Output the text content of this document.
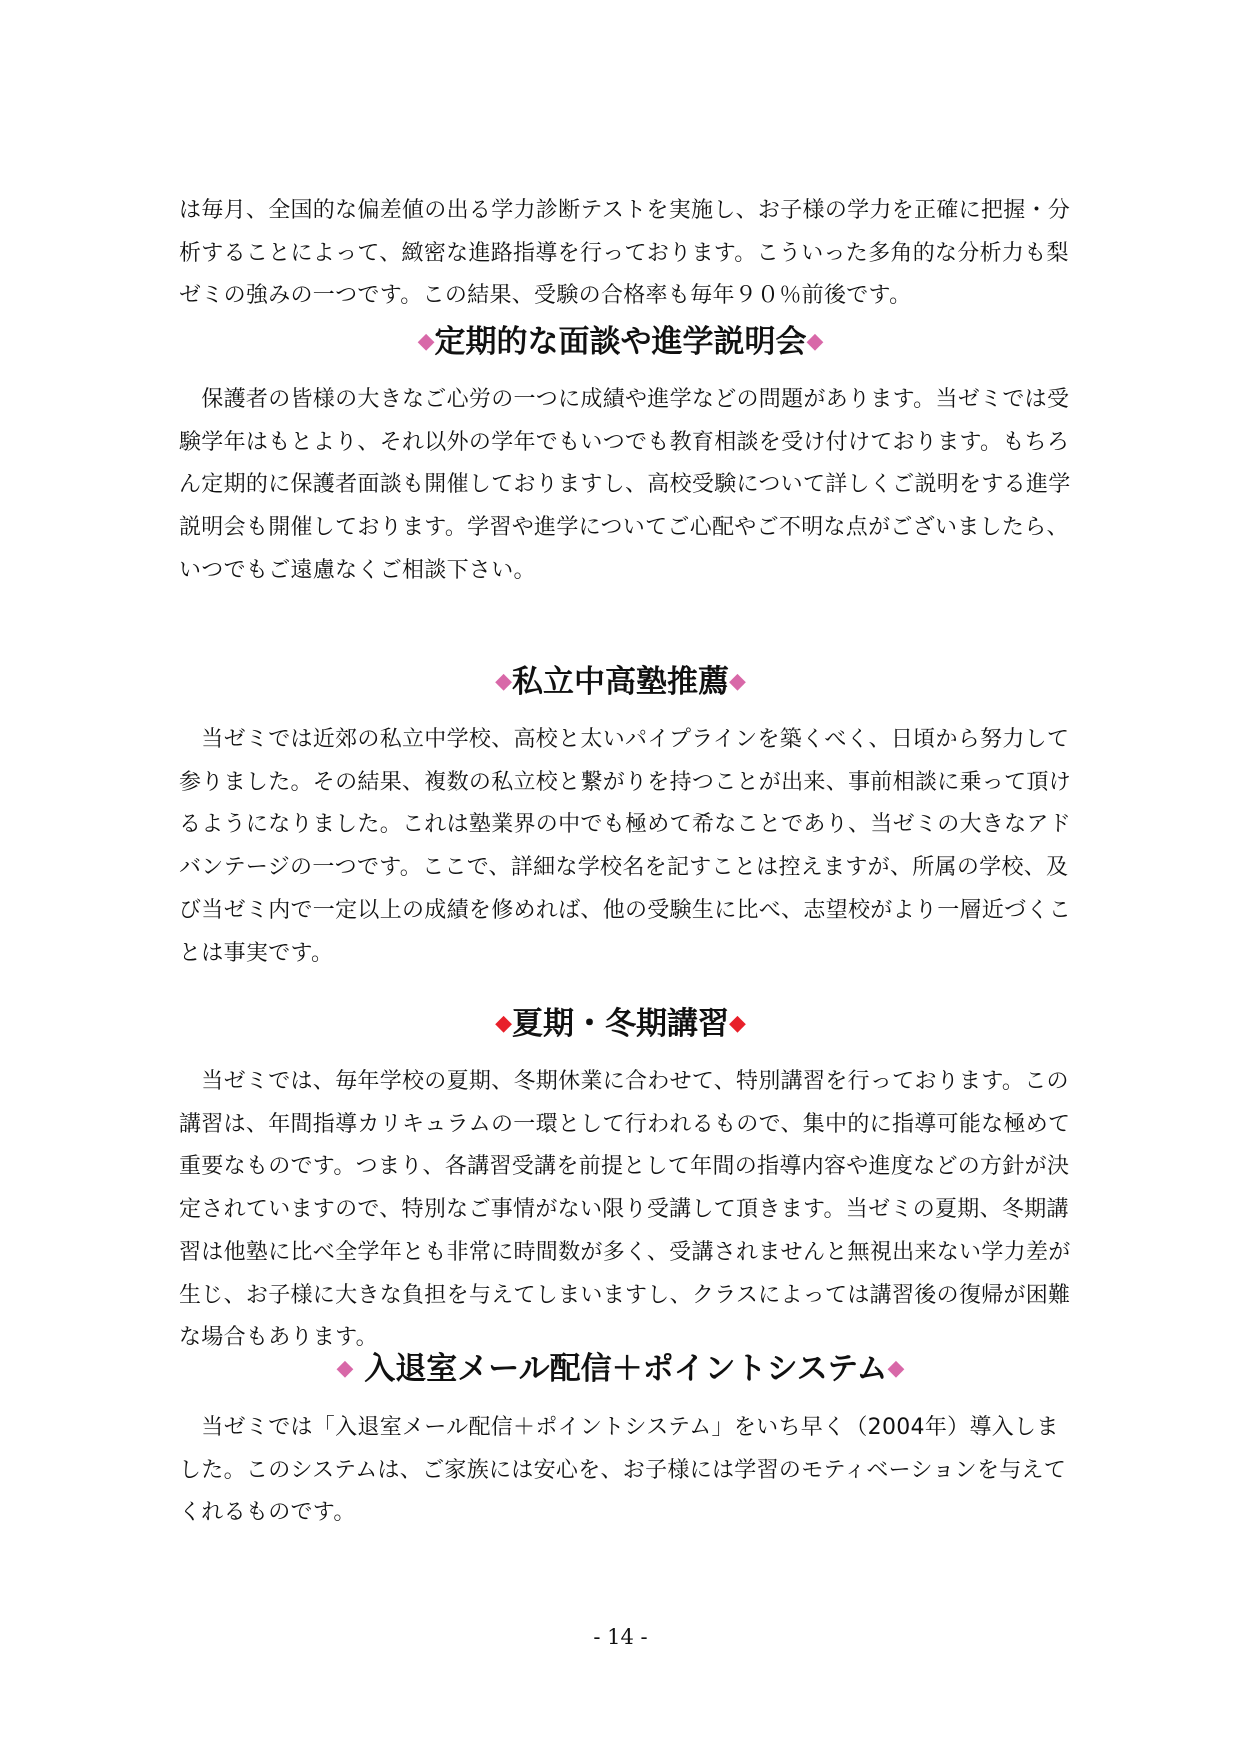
は毎月、全国的な偏差値の出る学力診断テストを実施し、お子様の学力を正確に把握・分析することによって、緻密な進路指導を行っております。こういった多角的な分析力も梨ゼミの強みの一つです。この結果、受験の合格率も毎年９０％前後です。

◆定期的な面談や進学説明会◆

　保護者の皆様の大きなご心労の一つに成績や進学などの問題があります。当ゼミでは受験学年はもとより、それ以外の学年でもいつでも教育相談を受け付けております。もちろん定期的に保護者面談も開催しておりますし、高校受験について詳しくご説明をする進学説明会も開催しております。学習や進学についてご心配やご不明な点がございましたら、いつでもご遠慮なくご相談下さい。

◆私立中高塾推薦◆

　当ゼミでは近郊の私立中学校、高校と太いパイプラインを築くべく、日頃から努力して参りました。その結果、複数の私立校と繋がりを持つことが出来、事前相談に乗って頂けるようになりました。これは塾業界の中でも極めて希なことであり、当ゼミの大きなアドバンテージの一つです。ここで、詳細な学校名を記すことは控えますが、所属の学校、及び当ゼミ内で一定以上の成績を修めれば、他の受験生に比べ、志望校がより一層近づくことは事実です。

◆夏期・冬期講習◆

　当ゼミでは、毎年学校の夏期、冬期休業に合わせて、特別講習を行っております。この講習は、年間指導カリキュラムの一環として行われるもので、集中的に指導可能な極めて重要なものです。つまり、各講習受講を前提として年間の指導内容や進度などの方針が決定されていますので、特別なご事情がない限り受講して頂きます。当ゼミの夏期、冬期講習は他塾に比べ全学年とも非常に時間数が多く、受講されませんと無視出来ない学力差が生じ、お子様に大きな負担を与えてしまいますし、クラスによっては講習後の復帰が困難な場合もあります。

◆ 入退室メール配信＋ポイントシステム◆

　当ゼミでは「入退室メール配信＋ポイントシステム」をいち早く（2004年）導入しました。このシステムは、ご家族には安心を、お子様には学習のモティベーションを与えてくれるものです。

- 14 -
